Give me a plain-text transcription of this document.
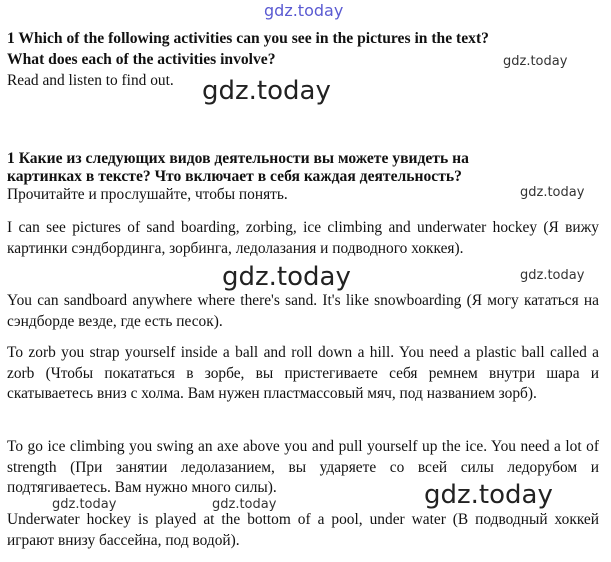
gdz.today
gdz.today
gdz.today
gdz.today
gdz.today	gdz.today
gdz.today
gdz.today	gdz.today

1 Which of the following activities can you see in the pictures in the text?

What does each of the activities involve?

Read and listen to find out.

1 Какие из следующих видов деятельности вы можете увидеть на

картинках в тексте? Что включает в себя каждая деятельность?

Прочитайте и прослушайте, чтобы понять.

I can see pictures of sand boarding, zorbing, ice climbing and underwater hockey (Я вижу картинки сэндбординга, зорбинга, ледолазания и подводного хоккея).

You can sandboard anywhere where there's sand. It's like snowboarding (Я могу кататься на сэндборде везде, где есть песок).

To zorb you strap yourself inside a ball and roll down a hill. You need a plastic ball called a zorb (Чтобы покататься в зорбе, вы пристегиваете себя ремнем внутри шара и скатываетесь вниз с холма. Вам нужен пластмассовый мяч, под названием зорб).

To go ice climbing you swing an axe above you and pull yourself up the ice. You need a lot of strength (При занятии ледолазанием, вы ударяете со всей силы ледорубом и подтягиваетесь. Вам нужно много силы).

Underwater hockey is played at the bottom of a pool, under water (В подводный хоккей играют внизу бассейна, под водой).
